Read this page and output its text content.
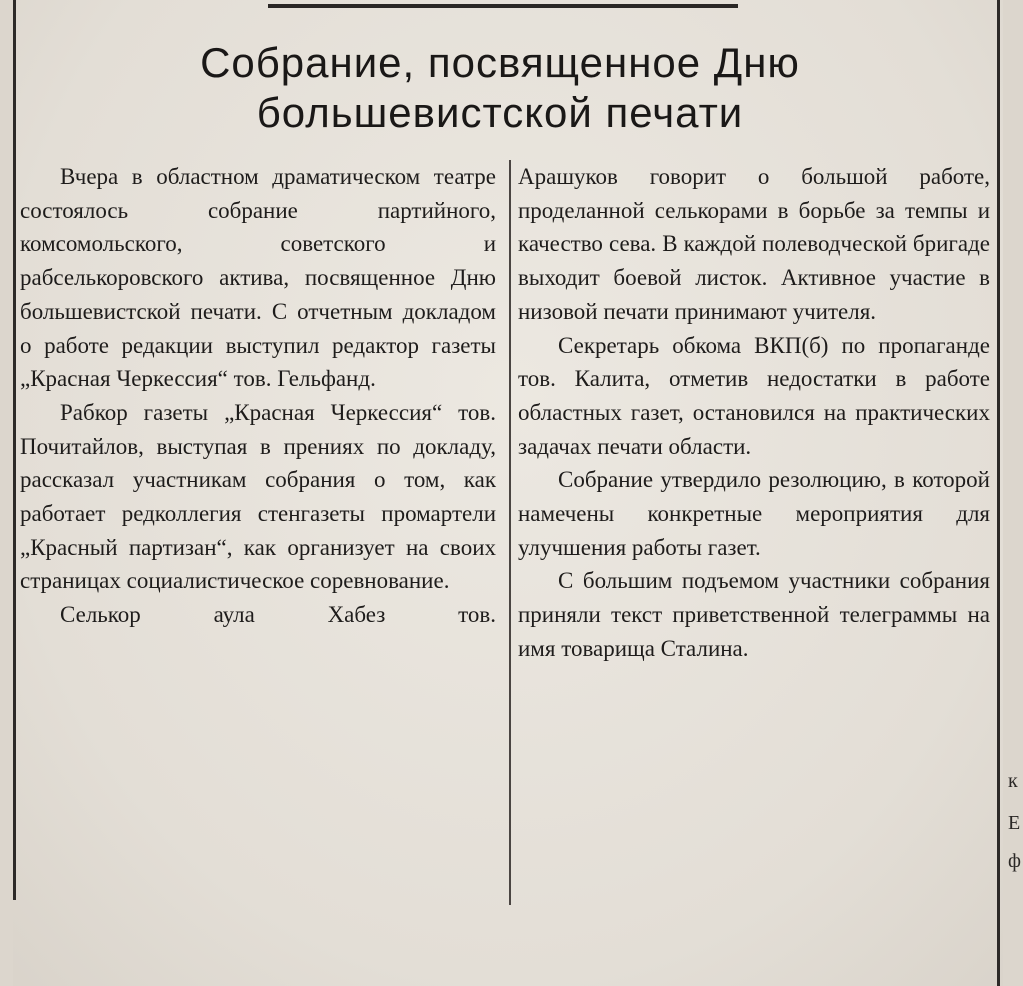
Собрание, посвященное Дню
большевистской печати

Вчера в областном драматическом театре состоялось собрание партийного, комсомольского, советского и рабселькоровского актива, посвященное Дню большевистской печати. С отчетным докладом о работе редакции выступил редактор газеты „Красная Черкессия“ тов. Гельфанд.

Рабкор газеты „Красная Черкессия“ тов. Почитайлов, выступая в прениях по докладу, рассказал участникам собрания о том, как работает редколлегия стенгазеты промартели „Красный партизан“, как организует на своих страницах социалистическое соревнование.

Селькор аула Хабез тов.

Арашуков говорит о большой работе, проделанной селькорами в борьбе за темпы и качество сева. В каждой полеводческой бригаде выходит боевой листок. Активное участие в низовой печати принимают учителя.

Секретарь обкома ВКП(б) по пропаганде тов. Калита, отметив недостатки в работе областных газет, остановился на практических задачах печати области.

Собрание утвердило резолюцию, в которой намечены конкретные мероприятия для улучшения работы газет.

С большим подъемом участники собрания приняли текст приветственной телеграммы на имя товарища Сталина.

к
Е
ф
